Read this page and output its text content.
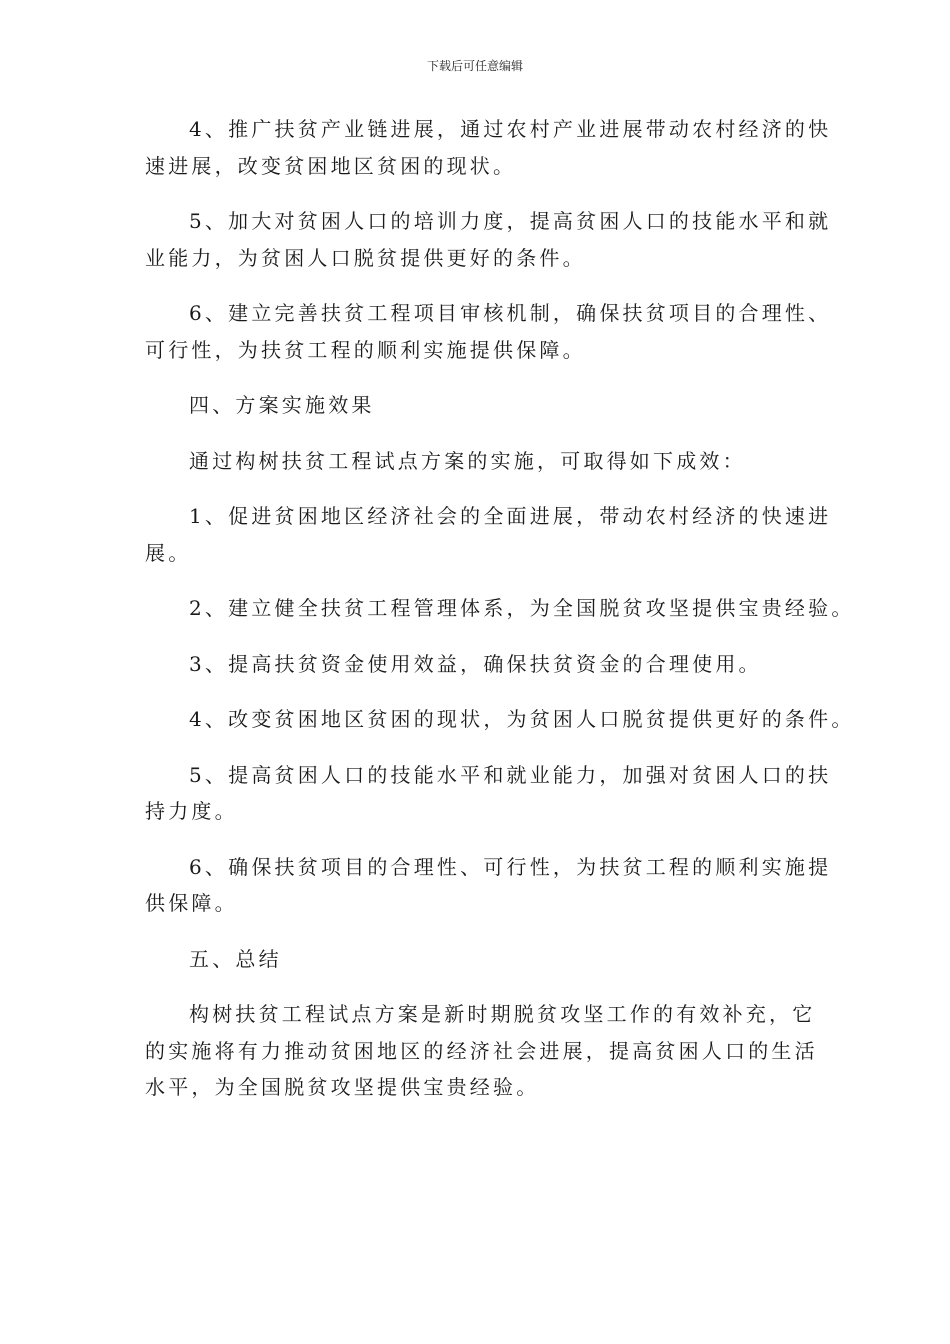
下载后可任意编辑
4、推广扶贫产业链进展，通过农村产业进展带动农村经济的快
速进展，改变贫困地区贫困的现状。
5、加大对贫困人口的培训力度，提高贫困人口的技能水平和就
业能力，为贫困人口脱贫提供更好的条件。
6、建立完善扶贫工程项目审核机制，确保扶贫项目的合理性、
可行性，为扶贫工程的顺利实施提供保障。
四、方案实施效果
通过构树扶贫工程试点方案的实施，可取得如下成效：
1、促进贫困地区经济社会的全面进展，带动农村经济的快速进
展。
2、建立健全扶贫工程管理体系，为全国脱贫攻坚提供宝贵经验。
3、提高扶贫资金使用效益，确保扶贫资金的合理使用。
4、改变贫困地区贫困的现状，为贫困人口脱贫提供更好的条件。
5、提高贫困人口的技能水平和就业能力，加强对贫困人口的扶
持力度。
6、确保扶贫项目的合理性、可行性，为扶贫工程的顺利实施提
供保障。
五、总结
构树扶贫工程试点方案是新时期脱贫攻坚工作的有效补充，它
的实施将有力推动贫困地区的经济社会进展，提高贫困人口的生活
水平，为全国脱贫攻坚提供宝贵经验。
